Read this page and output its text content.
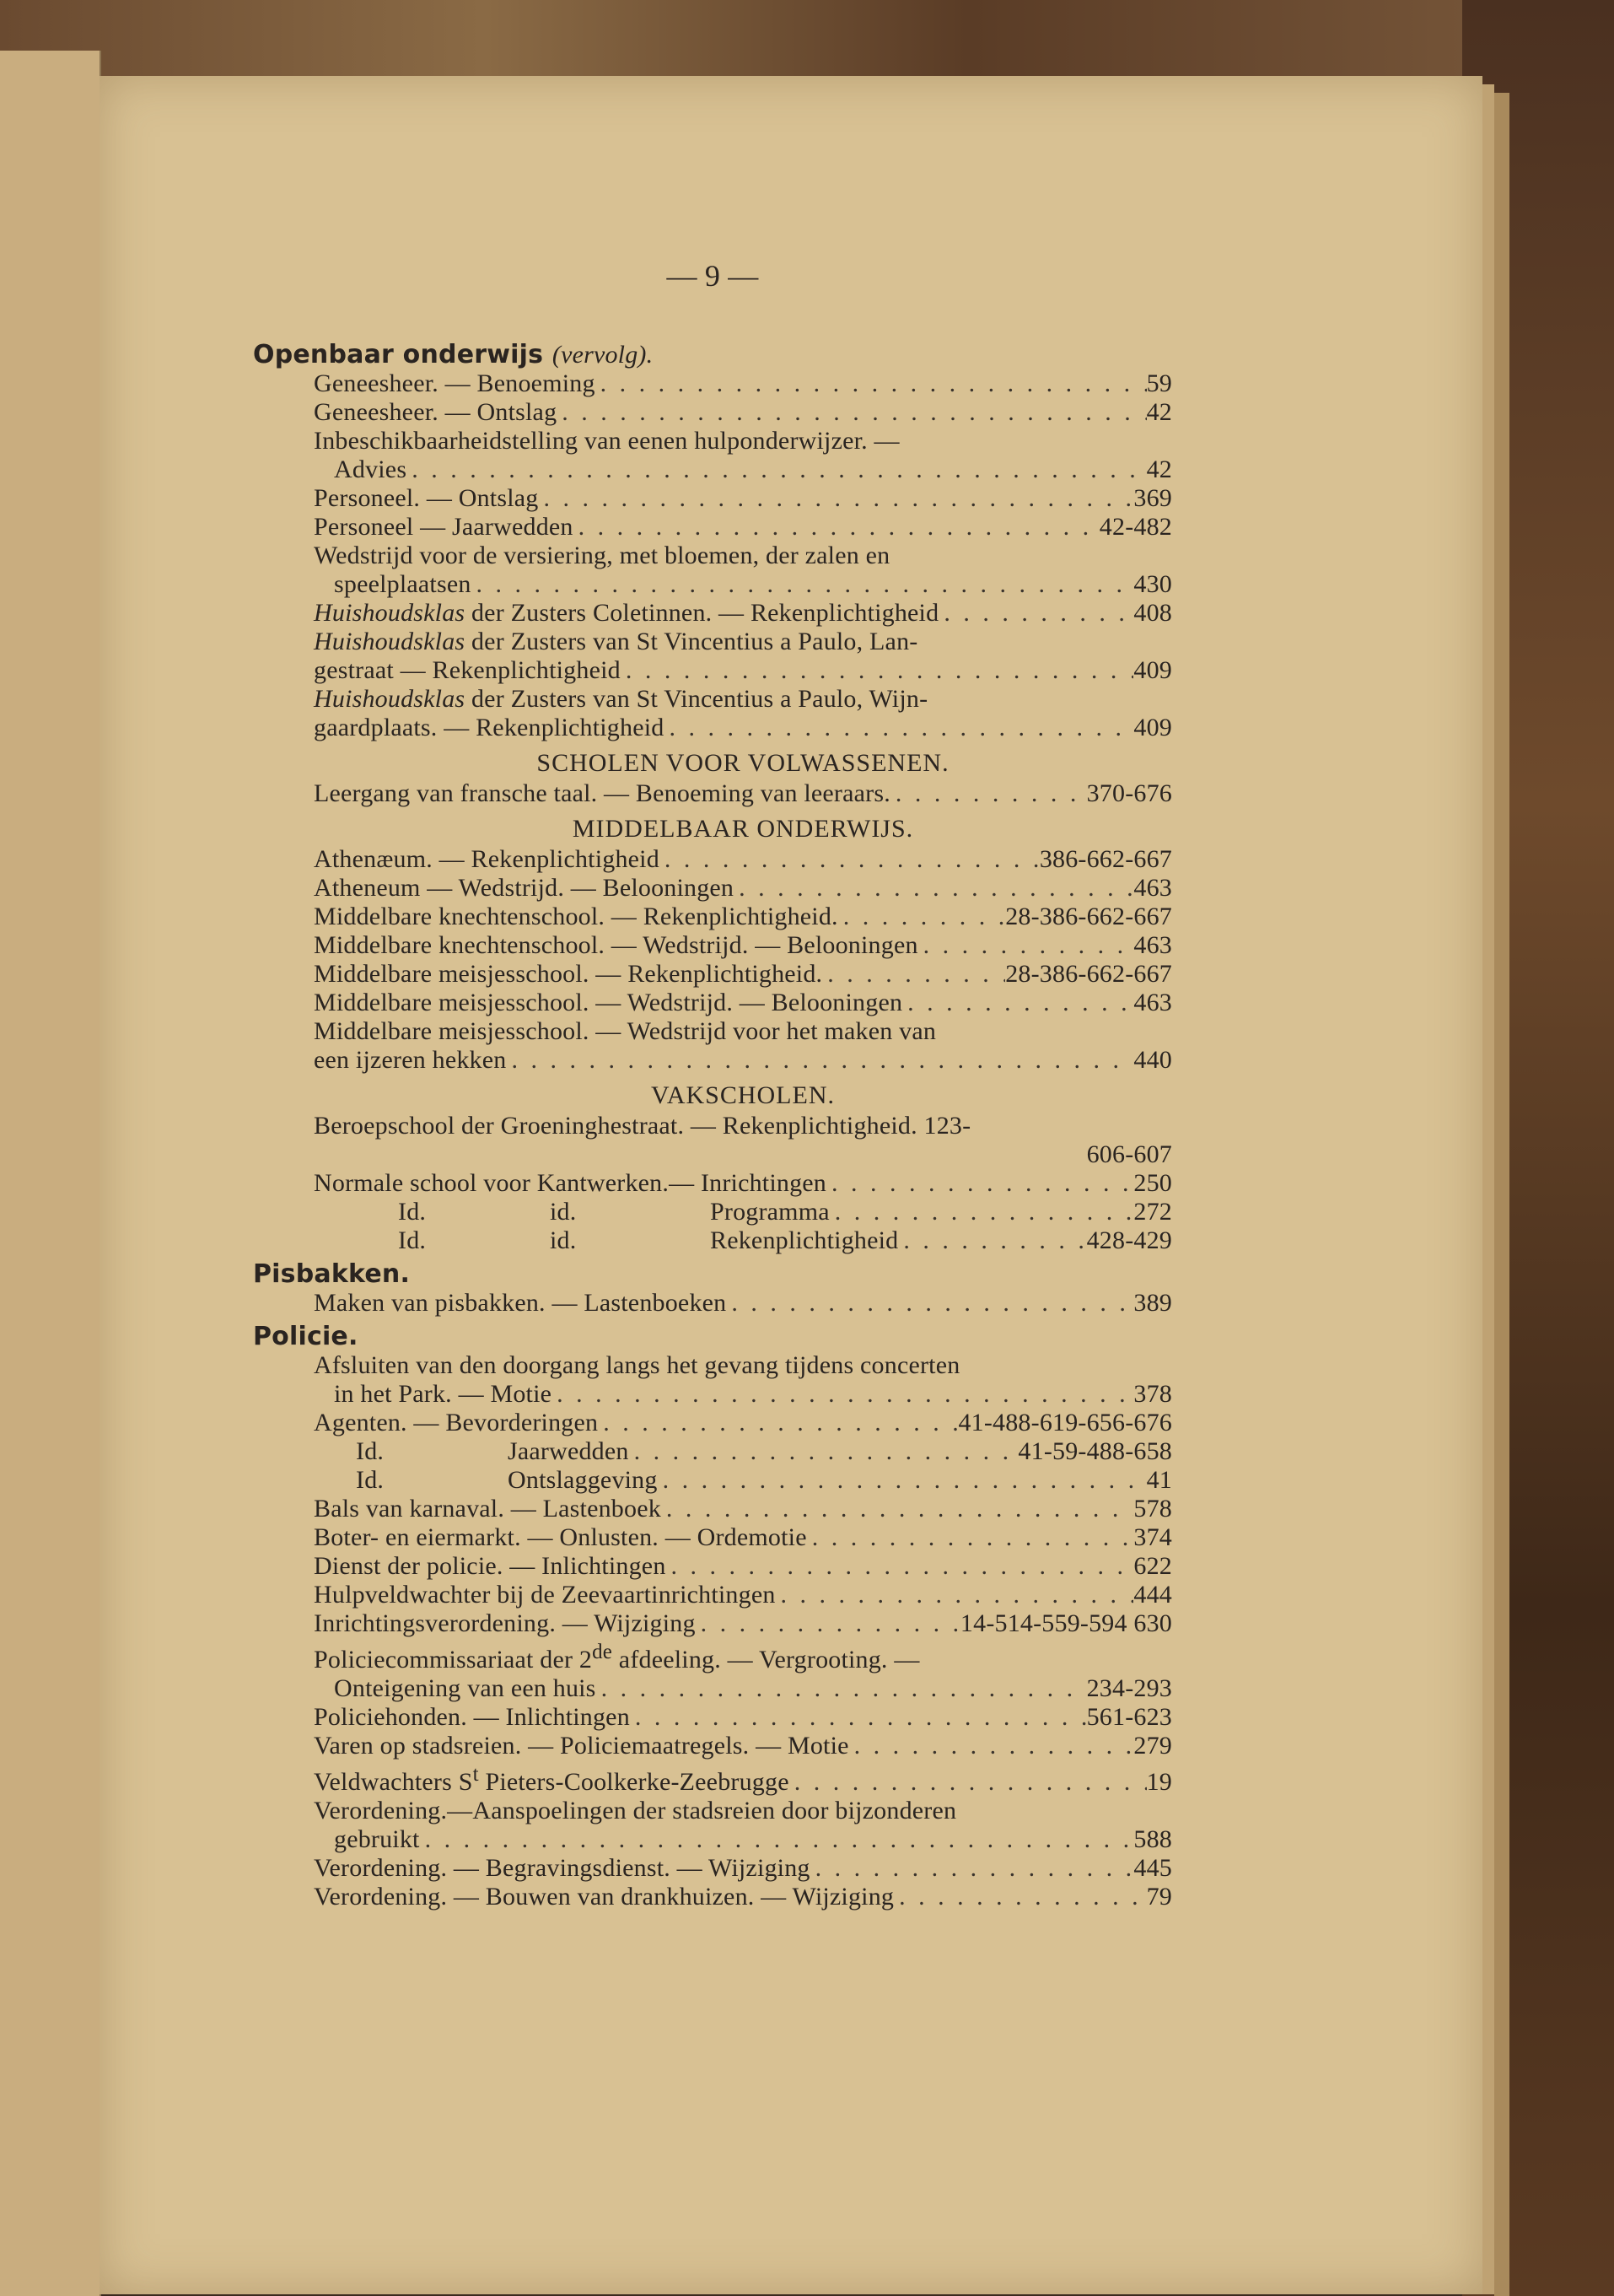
— 9 —
Openbaar onderwijs (vervolg).
Geneesheer. — Benoeming . . .	59
Geneesheer. — Ontslag . . .	42
Inbeschikbaarheidstelling van eenen hulponderwijzer. —
Advies . . .	42
Personeel. — Ontslag . . .	369
Personeel — Jaarwedden . . .	42-482
Wedstrijd voor de versiering, met bloemen, der zalen en
speelplaatsen . . .	430
Huishoudsklas der Zusters Coletinnen. — Rekenplichtigheid . . .	408
Huishoudsklas der Zusters van St Vincentius a Paulo, Lan-
gestraat — Rekenplichtigheid . . .	409
Huishoudsklas der Zusters van St Vincentius a Paulo, Wijn-
gaardplaats. — Rekenplichtigheid . . .	409
SCHOLEN VOOR VOLWASSENEN.
Leergang van fransche taal. — Benoeming van leeraars. . . .	370-676
MIDDELBAAR ONDERWIJS.
Athenæum. — Rekenplichtigheid . . .	386-662-667
Atheneum — Wedstrijd. — Belooningen . . .	463
Middelbare knechtenschool. — Rekenplichtigheid. . . .	28-386-662-667
Middelbare knechtenschool. — Wedstrijd. — Belooningen . . .	463
Middelbare meisjesschool. — Rekenplichtigheid. . . .	28-386-662-667
Middelbare meisjesschool. — Wedstrijd. — Belooningen . . .	463
Middelbare meisjesschool. — Wedstrijd voor het maken van
een ijzeren hekken . . .	440
VAKSCHOLEN.
Beroepschool der Groeninghestraat. — Rekenplichtigheid. 123-
606-607
Normale school voor Kantwerken.— Inrichtingen . . .	250
Id.	id.	Programma . . .	272
Id.	id.	Rekenplichtigheid . . .	428-429
Pisbakken.
Maken van pisbakken. — Lastenboeken . . .	389
Policie.
Afsluiten van den doorgang langs het gevang tijdens concerten
in het Park. — Motie . . .	378
Agenten. — Bevorderingen . . .	41-488-619-656-676
Id.	Jaarwedden . . .	41-59-488-658
Id.	Ontslaggeving . . .	41
Bals van karnaval. — Lastenboek . . .	578
Boter- en eiermarkt. — Onlusten. — Ordemotie . . .	374
Dienst der policie. — Inlichtingen . . .	622
Hulpveldwachter bij de Zeevaartinrichtingen . . .	444
Inrichtingsverordening. — Wijziging . . .	14-514-559-594 630
Policiecommissariaat der 2de afdeeling. — Vergrooting. —
Onteigening van een huis . . .	234-293
Policiehonden. — Inlichtingen . . .	561-623
Varen op stadsreien. — Policiemaatregels. — Motie . . .	279
Veldwachters $S^t$ Pieters-Coolkerke-Zeebrugge . . .	19
Verordening.—Aanspoelingen der stadsreien door bijzonderen
gebruikt . . .	588
Verordening. — Begravingsdienst. — Wijziging . . .	445
Verordening. — Bouwen van drankhuizen. — Wijziging . . .	79
